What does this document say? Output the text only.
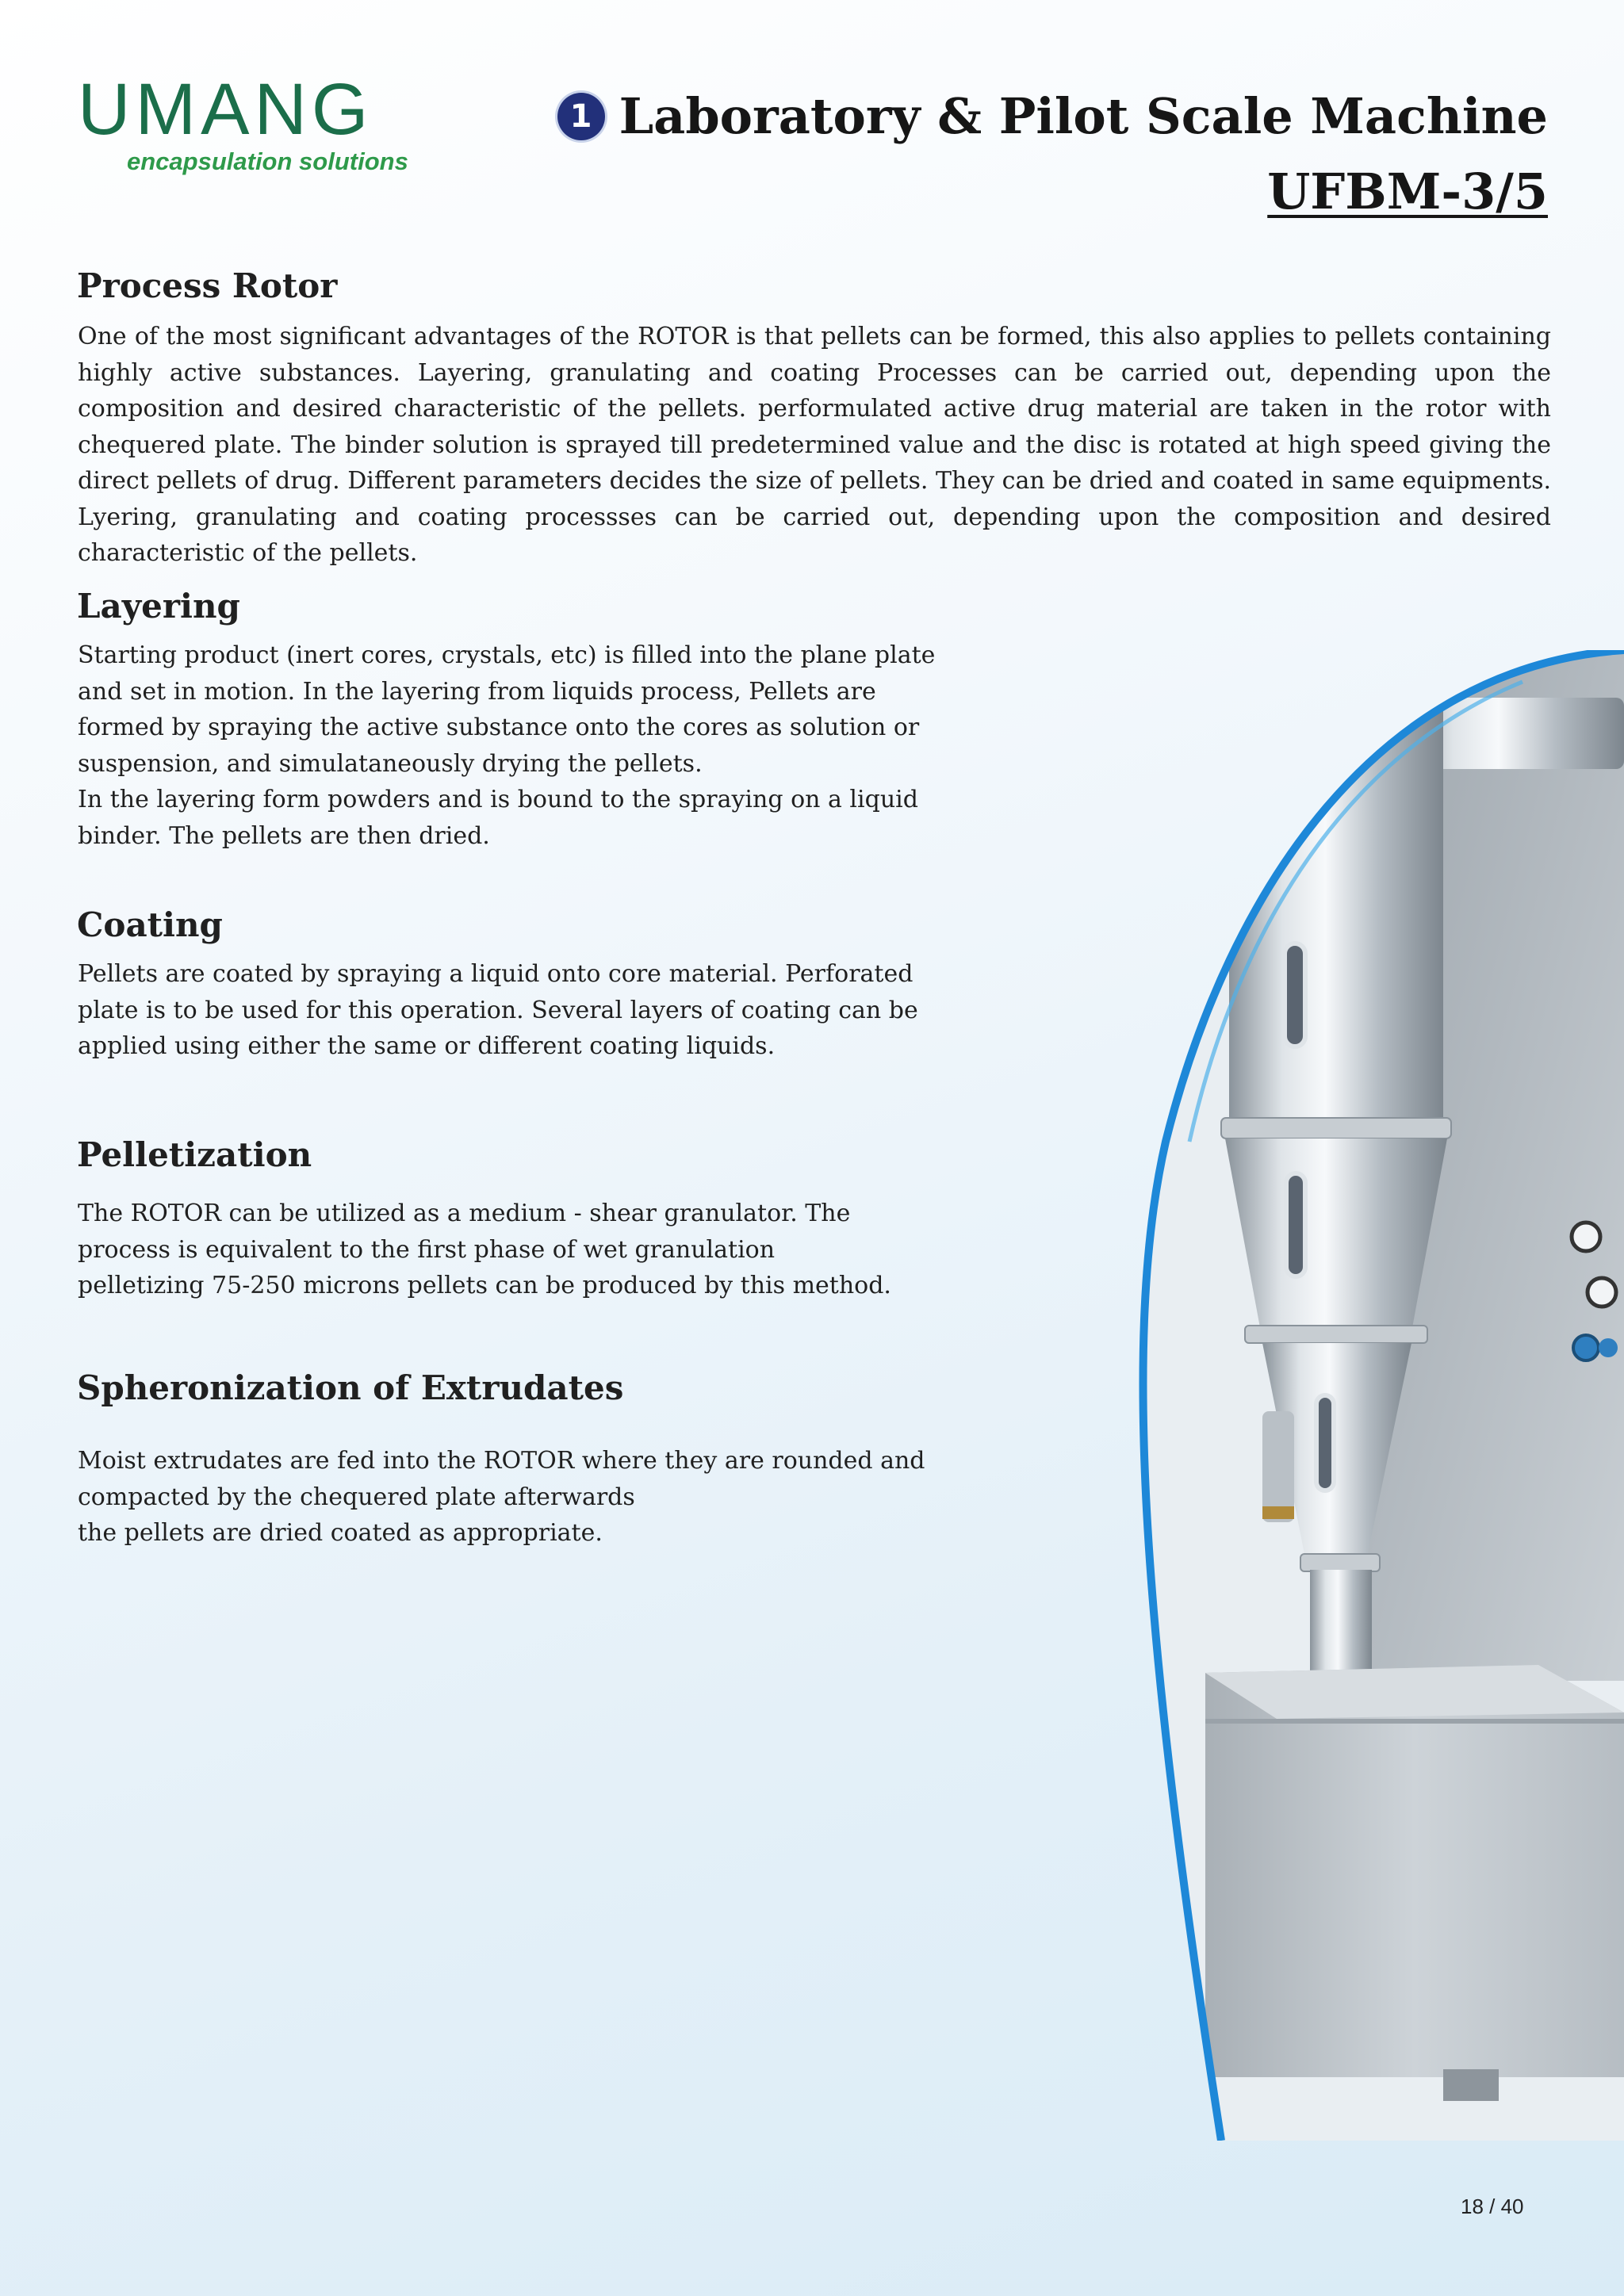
UMANG
encapsulation solutions
1 Laboratory & Pilot Scale Machine
UFBM-3/5
Process Rotor

One of the most significant advantages of the ROTOR is that pellets can be formed, this also applies to pellets containing highly active substances. Layering, granulating and coating Processes can be carried out, depending upon the composition and desired characteristic of the pellets. performulated active drug material are taken in the rotor with chequered plate. The binder solution is sprayed till predetermined value and the disc is rotated at high speed giving the direct pellets of drug. Different parameters decides the size of pellets. They can be dried and coated in same equipments. Lyering, granulating and coating processses can be carried out, depending upon the composition and desired characteristic of the pellets.

Layering
Starting product (inert cores, crystals, etc) is filled into the plane plate
and set in motion. In the layering from liquids process, Pellets are
formed by spraying the active substance onto the cores as solution or
suspension, and simulataneously drying the pellets.
In the layering form powders and is bound to the spraying on a liquid
binder. The pellets are then dried.
Coating
Pellets are coated by spraying a liquid onto core material. Perforated
plate is to be used for this operation. Several layers of coating can be
applied using either the same or different coating liquids.
Pelletization
The ROTOR can be utilized as a medium - shear granulator. The
process is equivalent to the first phase of wet granulation
pelletizing 75-250 microns pellets can be produced by this method.
Spheronization of Extrudates
Moist extrudates are fed into the ROTOR where they are rounded and
compacted by the chequered plate afterwards
the pellets are dried coated as appropriate.
18 / 40
